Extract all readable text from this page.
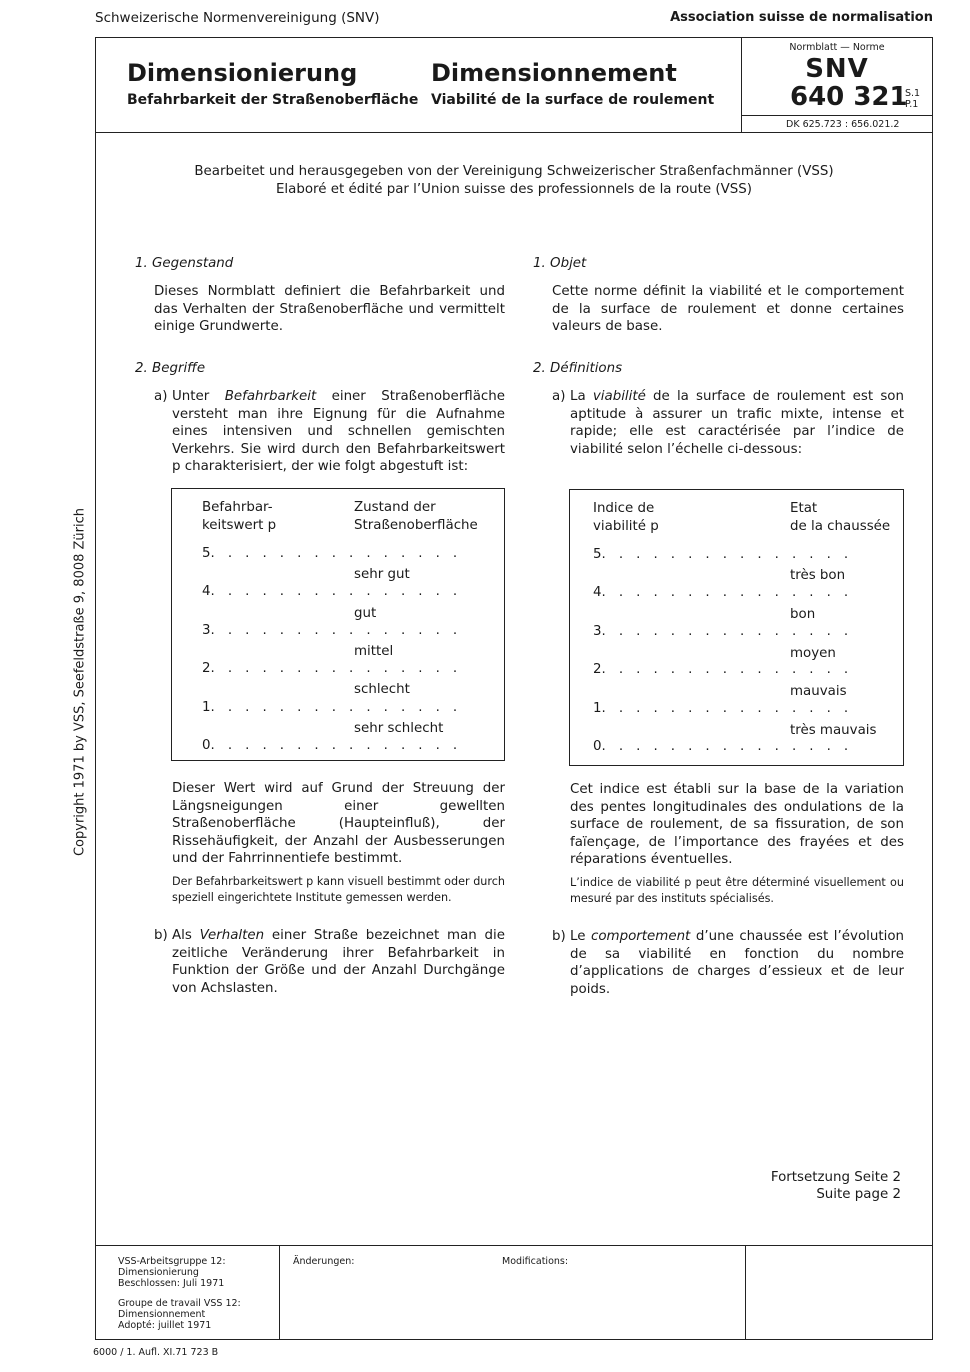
Schweizerische Normenvereinigung (SNV)	Association suisse de normalisation
Copyright 1971 by VSS, Seefeldstraße 9, 8008 Zürich
Dimensionierung
Befahrbarkeit der Straßenoberfläche
Dimensionnement
Viabilité de la surface de roulement
Normblatt — Norme
SNV
640 321
S.1
P.1
DK 625.723 : 656.021.2
Bearbeitet und herausgegeben von der Vereinigung Schweizerischer Straßenfachmänner (VSS)
Elaboré et édité par l’Union suisse des professionnels de la route (VSS)
1. Gegenstand
Dieses Normblatt definiert die Befahrbarkeit und das Verhalten der Straßenoberfläche und vermittelt einige Grundwerte.
2. Begriffe
a) Unter Befahrbarkeit einer Straßenoberfläche versteht man ihre Eignung für die Aufnahme eines intensiven und schnellen gemischten Verkehrs. Sie wird durch den Befahrbarkeitswert p charakterisiert, der wie folgt abgestuft ist:
Befahrbar-
keitswert p
Zustand der
Straßenoberfläche
5. . . . . . . . . . . . . . .
sehr gut
4. . . . . . . . . . . . . . .
gut
3. . . . . . . . . . . . . . .
mittel
2. . . . . . . . . . . . . . .
schlecht
1. . . . . . . . . . . . . . .
sehr schlecht
0. . . . . . . . . . . . . . .
Dieser Wert wird auf Grund der Streuung der Längsneigungen einer gewellten Straßenoberfläche (Haupteinfluß), der Rissehäufigkeit, der Anzahl der Ausbesserungen und der Fahrrinnentiefe bestimmt.
Der Befahrbarkeitswert p kann visuell bestimmt oder durch speziell eingerichtete Institute gemessen werden.
b) Als Verhalten einer Straße bezeichnet man die zeitliche Veränderung ihrer Befahrbarkeit in Funktion der Größe und der Anzahl Durchgänge von Achslasten.
1. Objet
Cette norme définit la viabilité et le comportement de la surface de roulement et donne certaines valeurs de base.
2. Définitions
a) La viabilité de la surface de roulement est son aptitude à assurer un trafic mixte, intense et rapide; elle est caractérisée par l’indice de viabilité selon l’échelle ci-dessous:
Indice de
viabilité p
Etat
de la chaussée
5. . . . . . . . . . . . . . .
très bon
4. . . . . . . . . . . . . . .
bon
3. . . . . . . . . . . . . . .
moyen
2. . . . . . . . . . . . . . .
mauvais
1. . . . . . . . . . . . . . .
très mauvais
0. . . . . . . . . . . . . . .
Cet indice est établi sur la base de la variation des pentes longitudinales des ondulations de la surface de roulement, de sa fissuration, de son faïençage, de l’importance des frayées et des réparations éventuelles.
L’indice de viabilité p peut être déterminé visuellement ou mesuré par des instituts spécialisés.
b) Le comportement d’une chaussée est l’évolution de sa viabilité en fonction du nombre d’applications de charges d’essieux et de leur poids.
Fortsetzung Seite 2
Suite page 2
VSS-Arbeitsgruppe 12:
Dimensionierung
Beschlossen: Juli 1971
Groupe de travail VSS 12:
Dimensionnement
Adopté: juillet 1971
Änderungen:	Modifications:
6000 / 1. Aufl. XI.71 723 B
